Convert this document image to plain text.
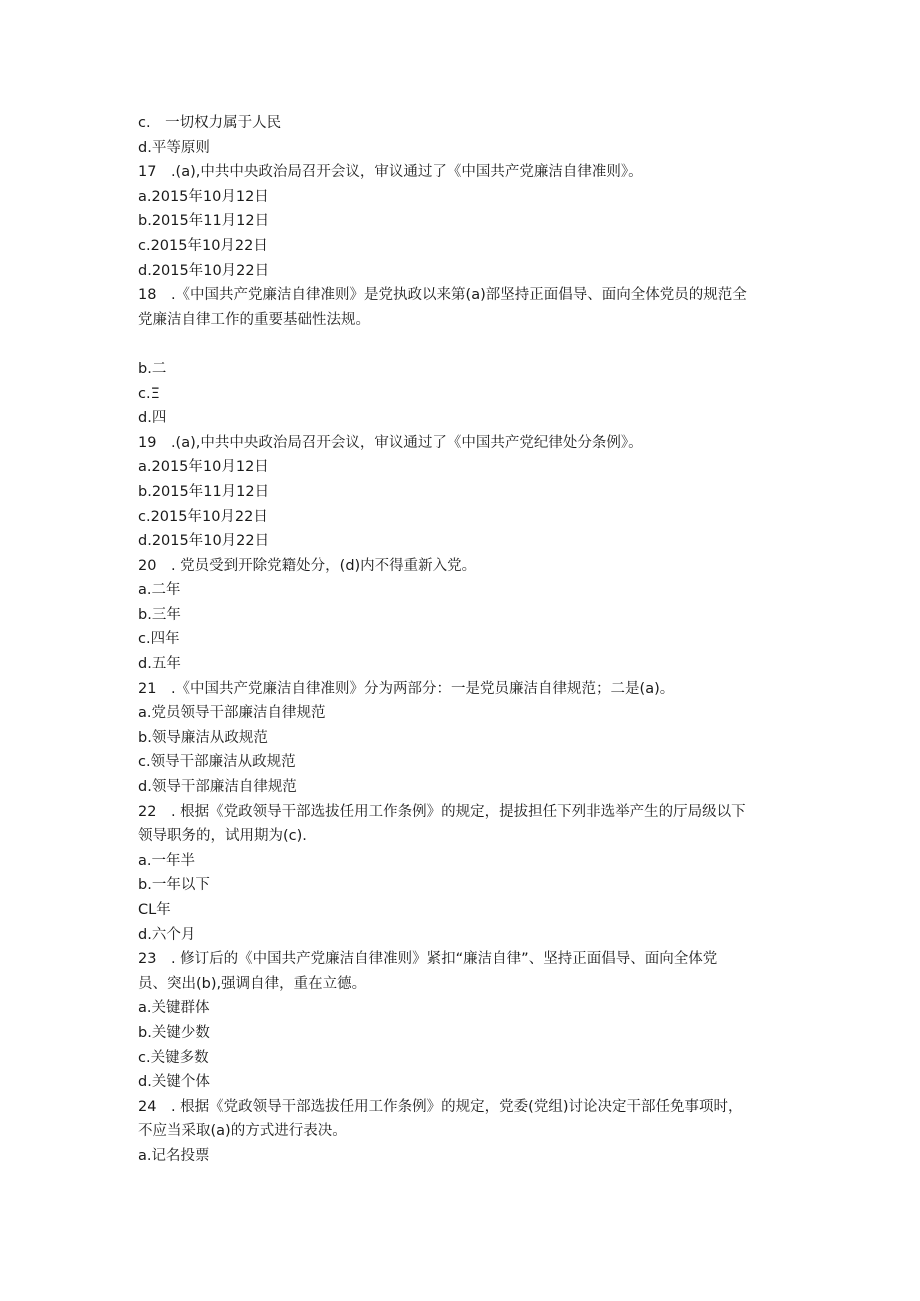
c.　一切权力属于人民
d.平等原则
17　.(a),中共中央政治局召开会议，审议通过了《中国共产党廉洁自律准则》。
a.2015年10月12日
b.2015年11月12日
c.2015年10月22日
d.2015年10月22日
18　.《中国共产党廉洁自律准则》是党执政以来第(a)部坚持正面倡导、面向全体党员的规范全
党廉洁自律工作的重要基础性法规。
b.二
c.Ξ
d.四
19　.(a),中共中央政治局召开会议，审议通过了《中国共产党纪律处分条例》。
a.2015年10月12日
b.2015年11月12日
c.2015年10月22日
d.2015年10月22日
20　. 党员受到开除党籍处分，(d)内不得重新入党。
a.二年
b.三年
c.四年
d.五年
21　.《中国共产党廉洁自律准则》分为两部分：一是党员廉洁自律规范；二是(a)。
a.党员领导干部廉洁自律规范
b.领导廉洁从政规范
c.领导干部廉洁从政规范
d.领导干部廉洁自律规范
22　. 根据《党政领导干部选拔任用工作条例》的规定，提拔担任下列非选举产生的厅局级以下
领导职务的，试用期为(c).
a.一年半
b.一年以下
CL年
d.六个月
23　. 修订后的《中国共产党廉洁自律准则》紧扣“廉洁自律”、坚持正面倡导、面向全体党
员、突出(b),强调自律，重在立德。
a.关键群体
b.关键少数
c.关键多数
d.关键个体
24　. 根据《党政领导干部选拔任用工作条例》的规定，党委(党组)讨论决定干部任免事项时，
不应当采取(a)的方式进行表决。
a.记名投票
